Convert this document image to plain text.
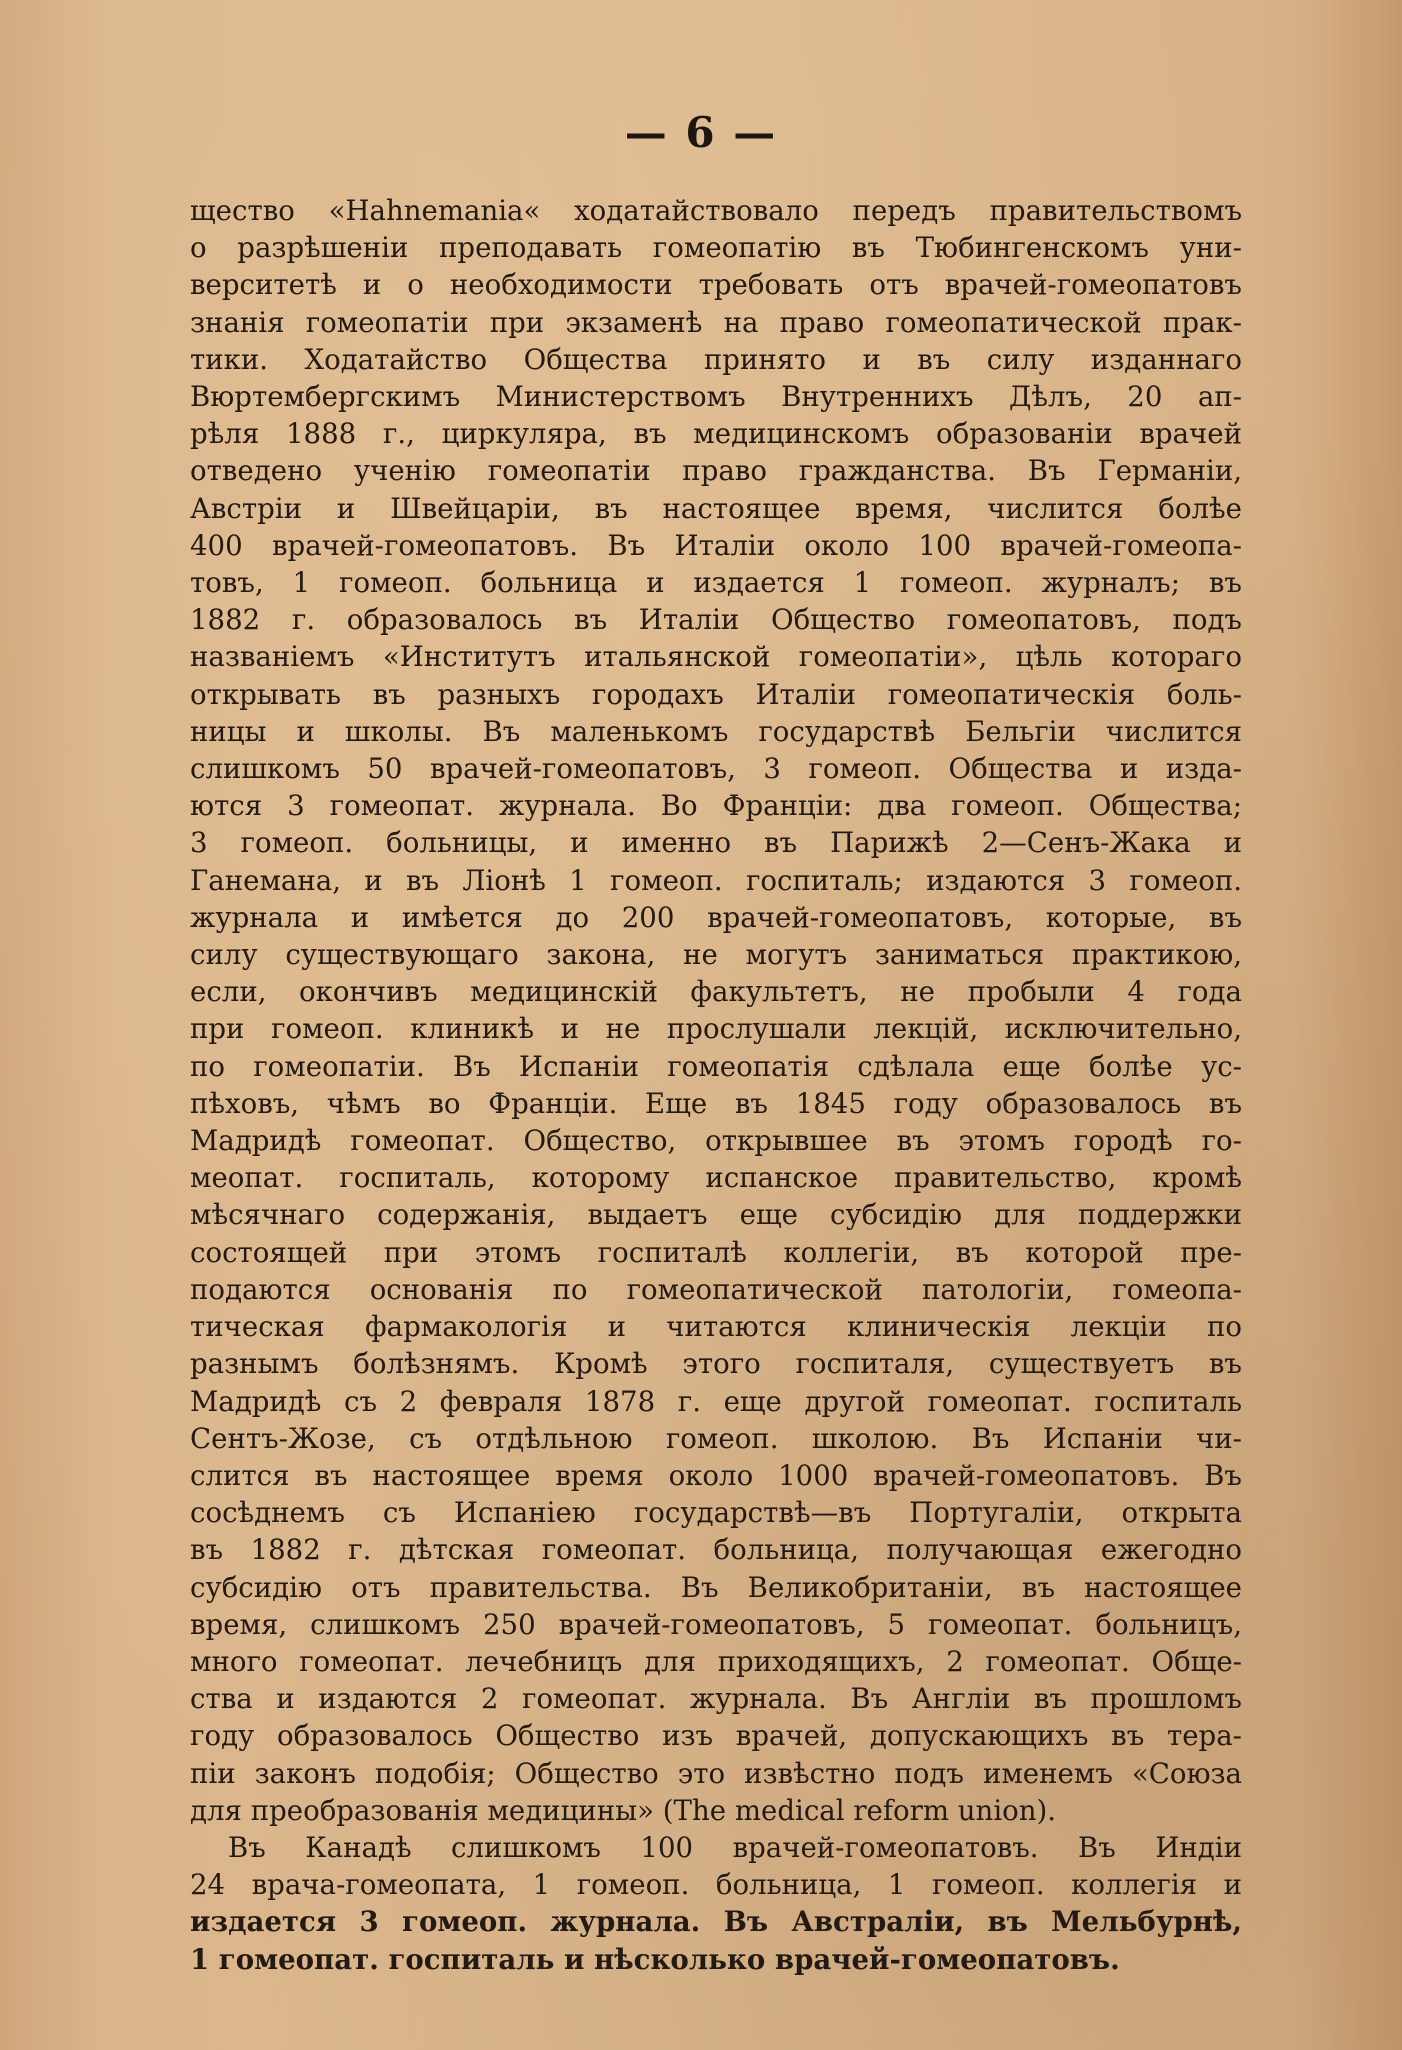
— 6 —
щество «Hahnemania« ходатайствовало передъ правительствомъ
о разрѣшеніи преподавать гомеопатію въ Тюбингенскомъ уни-
верситетѣ и о необходимости требовать отъ врачей-гомеопатовъ
знанія гомеопатіи при экзаменѣ на право гомеопатической прак-
тики. Ходатайство Общества принято и въ силу изданнаго
Вюртембергскимъ Министерствомъ Внутреннихъ Дѣлъ, 20 ап-
рѣля 1888 г., циркуляра, въ медицинскомъ образованіи врачей
отведено ученію гомеопатіи право гражданства. Въ Германіи,
Австріи и Швейцаріи, въ настоящее время, числится болѣе
400 врачей-гомеопатовъ. Въ Италіи около 100 врачей-гомеопа-
товъ, 1 гомеоп. больница и издается 1 гомеоп. журналъ; въ
1882 г. образовалось въ Италіи Общество гомеопатовъ, подъ
названіемъ «Институтъ итальянской гомеопатіи», цѣль котораго
открывать въ разныхъ городахъ Италіи гомеопатическія боль-
ницы и школы. Въ маленькомъ государствѣ Бельгіи числится
слишкомъ 50 врачей-гомеопатовъ, 3 гомеоп. Общества и изда-
ются 3 гомеопат. журнала. Во Франціи: два гомеоп. Общества;
3 гомеоп. больницы, и именно въ Парижѣ 2—Сенъ-Жака и
Ганемана, и въ Ліонѣ 1 гомеоп. госпиталь; издаются 3 гомеоп.
журнала и имѣется до 200 врачей-гомеопатовъ, которые, въ
силу существующаго закона, не могутъ заниматься практикою,
если, окончивъ медицинскій факультетъ, не пробыли 4 года
при гомеоп. клиникѣ и не прослушали лекцій, исключительно,
по гомеопатіи. Въ Испаніи гомеопатія сдѣлала еще болѣе ус-
пѣховъ, чѣмъ во Франціи. Еще въ 1845 году образовалось въ
Мадридѣ гомеопат. Общество, открывшее въ этомъ городѣ го-
меопат. госпиталь, которому испанское правительство, кромѣ
мѣсячнаго содержанія, выдаетъ еще субсидію для поддержки
состоящей при этомъ госпиталѣ коллегіи, въ которой пре-
подаются основанія по гомеопатической патологіи, гомеопа-
тическая фармакологія и читаются клиническія лекціи по
разнымъ болѣзнямъ. Кромѣ этого госпиталя, существуетъ въ
Мадридѣ съ 2 февраля 1878 г. еще другой гомеопат. госпиталь
Сентъ-Жозе, съ отдѣльною гомеоп. школою. Въ Испаніи чи-
слится въ настоящее время около 1000 врачей-гомеопатовъ. Въ
сосѣднемъ съ Испаніею государствѣ—въ Португаліи, открыта
въ 1882 г. дѣтская гомеопат. больница, получающая ежегодно
субсидію отъ правительства. Въ Великобританіи, въ настоящее
время, слишкомъ 250 врачей-гомеопатовъ, 5 гомеопат. больницъ,
много гомеопат. лечебницъ для приходящихъ, 2 гомеопат. Обще-
ства и издаются 2 гомеопат. журнала. Въ Англіи въ прошломъ
году образовалось Общество изъ врачей, допускающихъ въ тера-
піи законъ подобія; Общество это извѣстно подъ именемъ «Союза
для преобразованія медицины» (The medical reform union).
Въ Канадѣ слишкомъ 100 врачей-гомеопатовъ. Въ Индіи
24 врача-гомеопата, 1 гомеоп. больница, 1 гомеоп. коллегія и
издается 3 гомеоп. журнала. Въ Австраліи, въ Мельбурнѣ,
1 гомеопат. госпиталь и нѣсколько врачей-гомеопатовъ.
